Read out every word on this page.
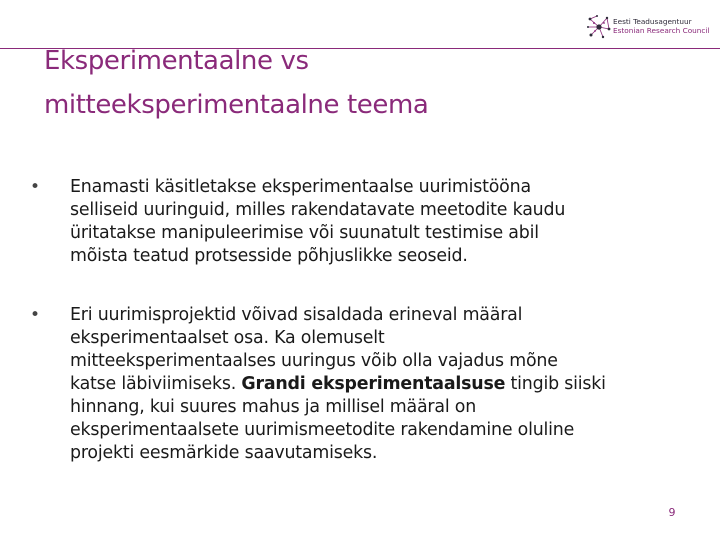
Eesti Teadusagentuur
Estonian Research Council
Eksperimentaalne vs
mitteeksperimentaalne teema
• Enamasti käsitletakse eksperimentaalse uurimistööna
selliseid uuringuid, milles rakendatavate meetodite kaudu
üritatakse manipuleerimise või suunatult testimise abil
mõista teatud protsesside põhjuslikke seoseid.
• Eri uurimisprojektid võivad sisaldada erineval määral
eksperimentaalset osa. Ka olemuselt
mitteeksperimentaalses uuringus võib olla vajadus mõne
katse läbiviimiseks. Grandi eksperimentaalsuse tingib siiski
hinnang, kui suures mahus ja millisel määral on
eksperimentaalsete uurimismeetodite rakendamine oluline
projekti eesmärkide saavutamiseks.
9
